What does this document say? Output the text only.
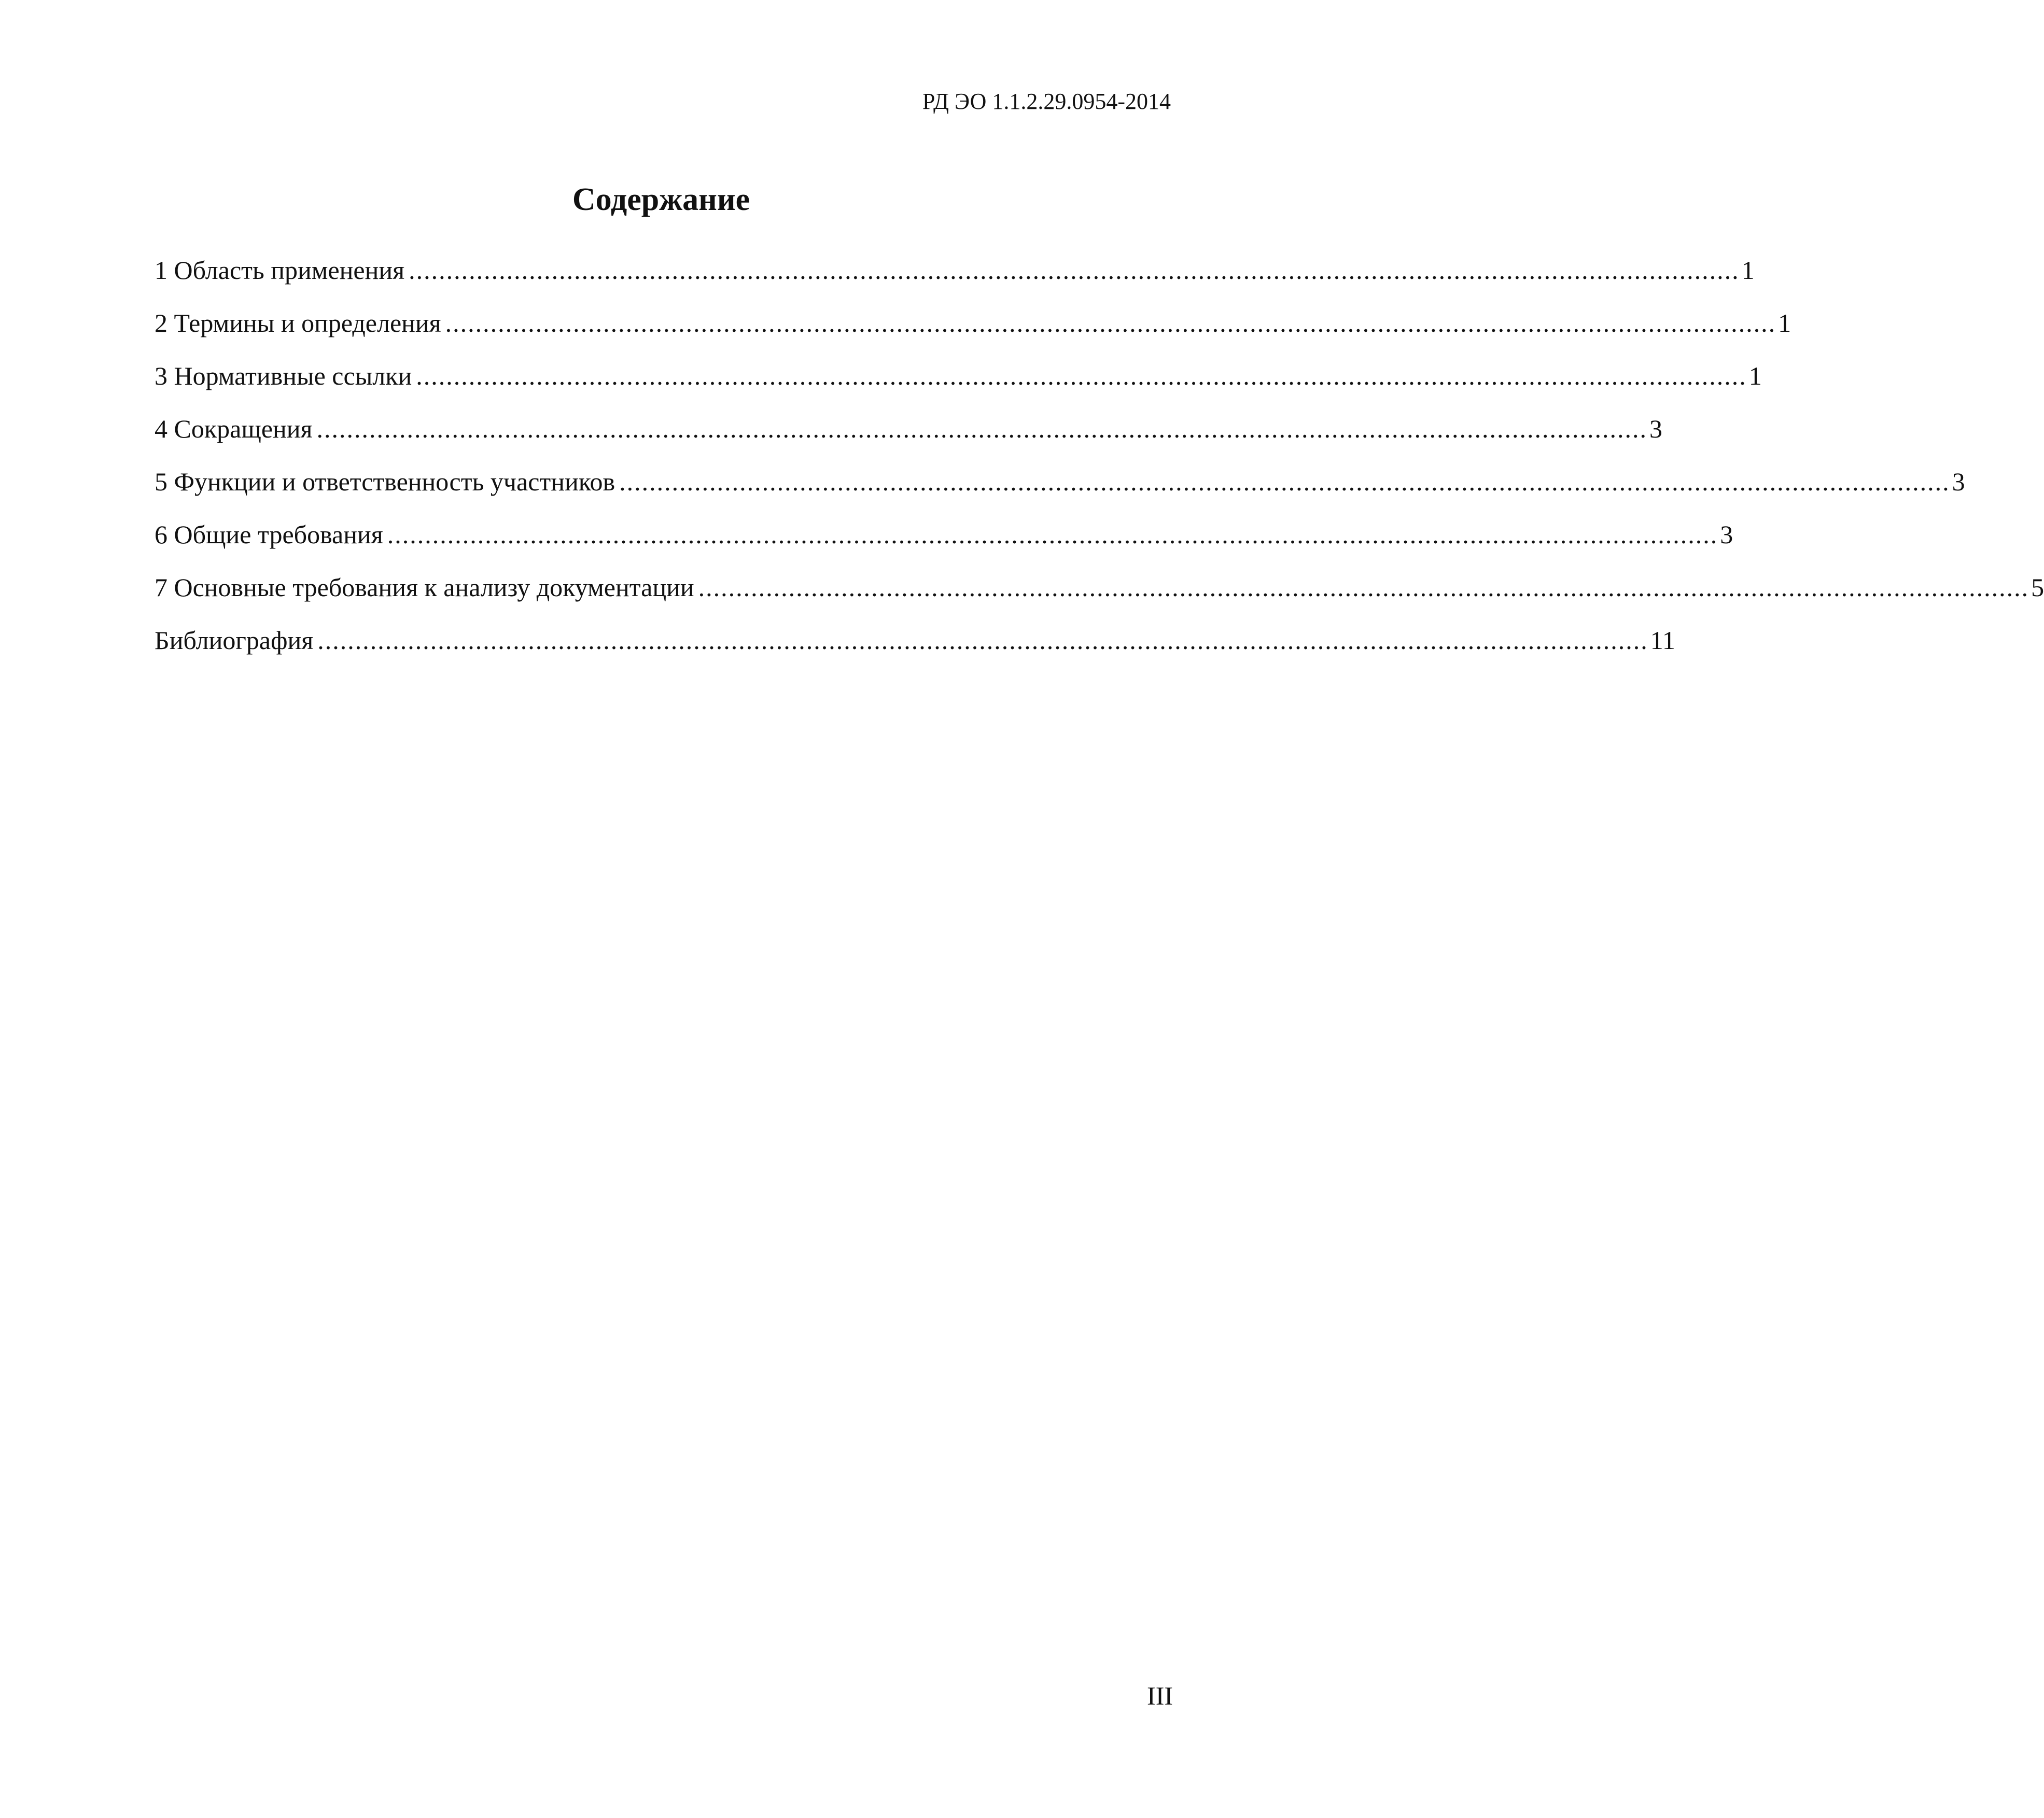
РД ЭО 1.1.2.29.0954-2014
Содержание
1 Область применения ................................................................................................................................................................................. 1
2 Термины и определения ................................................................................................................................................................................. 1
3 Нормативные ссылки ................................................................................................................................................................................. 1
4 Сокращения ................................................................................................................................................................................. 3
5 Функции и ответственность участников ................................................................................................................................................................................. 3
6 Общие требования ................................................................................................................................................................................. 3
7 Основные требования к анализу документации ................................................................................................................................................................................. 5
Библиография ................................................................................................................................................................................. 11
III
